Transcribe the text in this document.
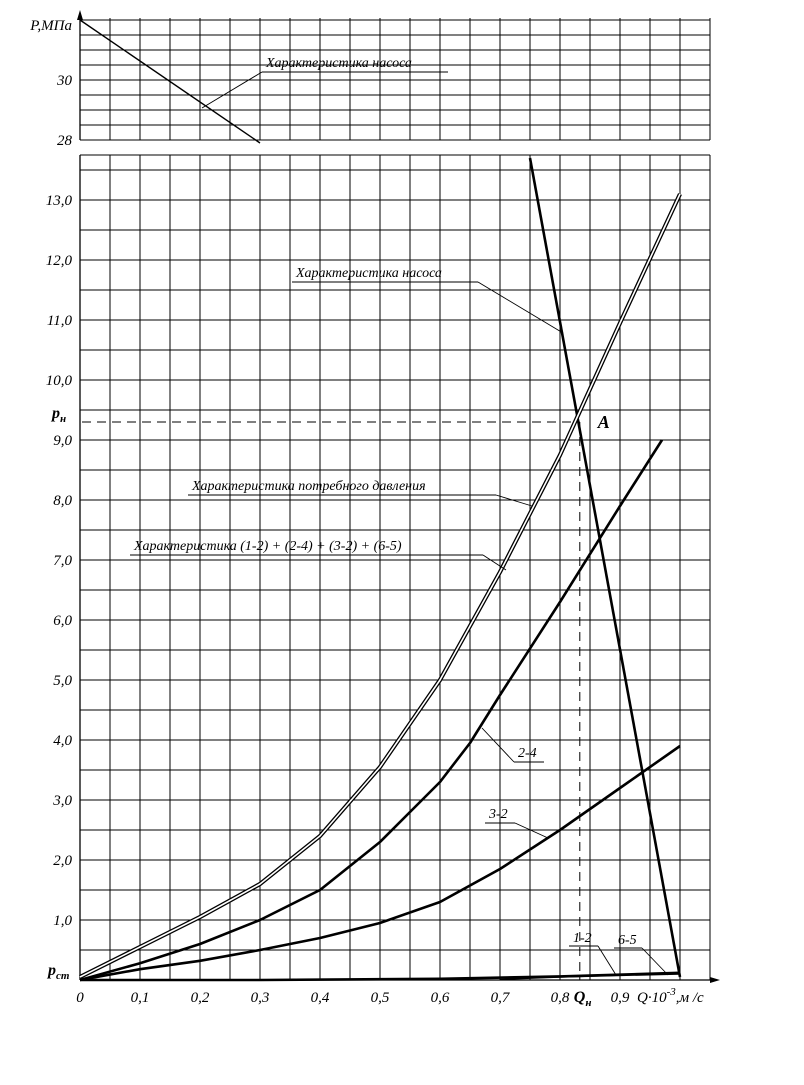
0	0,1	0,2	0,3	0,4	0,5	0,6	0,7	0,8	0,9
1,0
2,0
3,0
4,0
5,0
6,0
7,0
8,0
9,0
10,0
11,0
12,0
13,0
28
30
P,МПа
$Q\cdot 10^{-3},м$ /с
$p_н$
$p_{ст}$
$Q_н$
A
Характеристика насоса
Характеристика насоса
Характеристика потребного давления
Характеристика (1-2) + (2-4) + (3-2) + (6-5)
2-4
3-2
1-2 6-5
